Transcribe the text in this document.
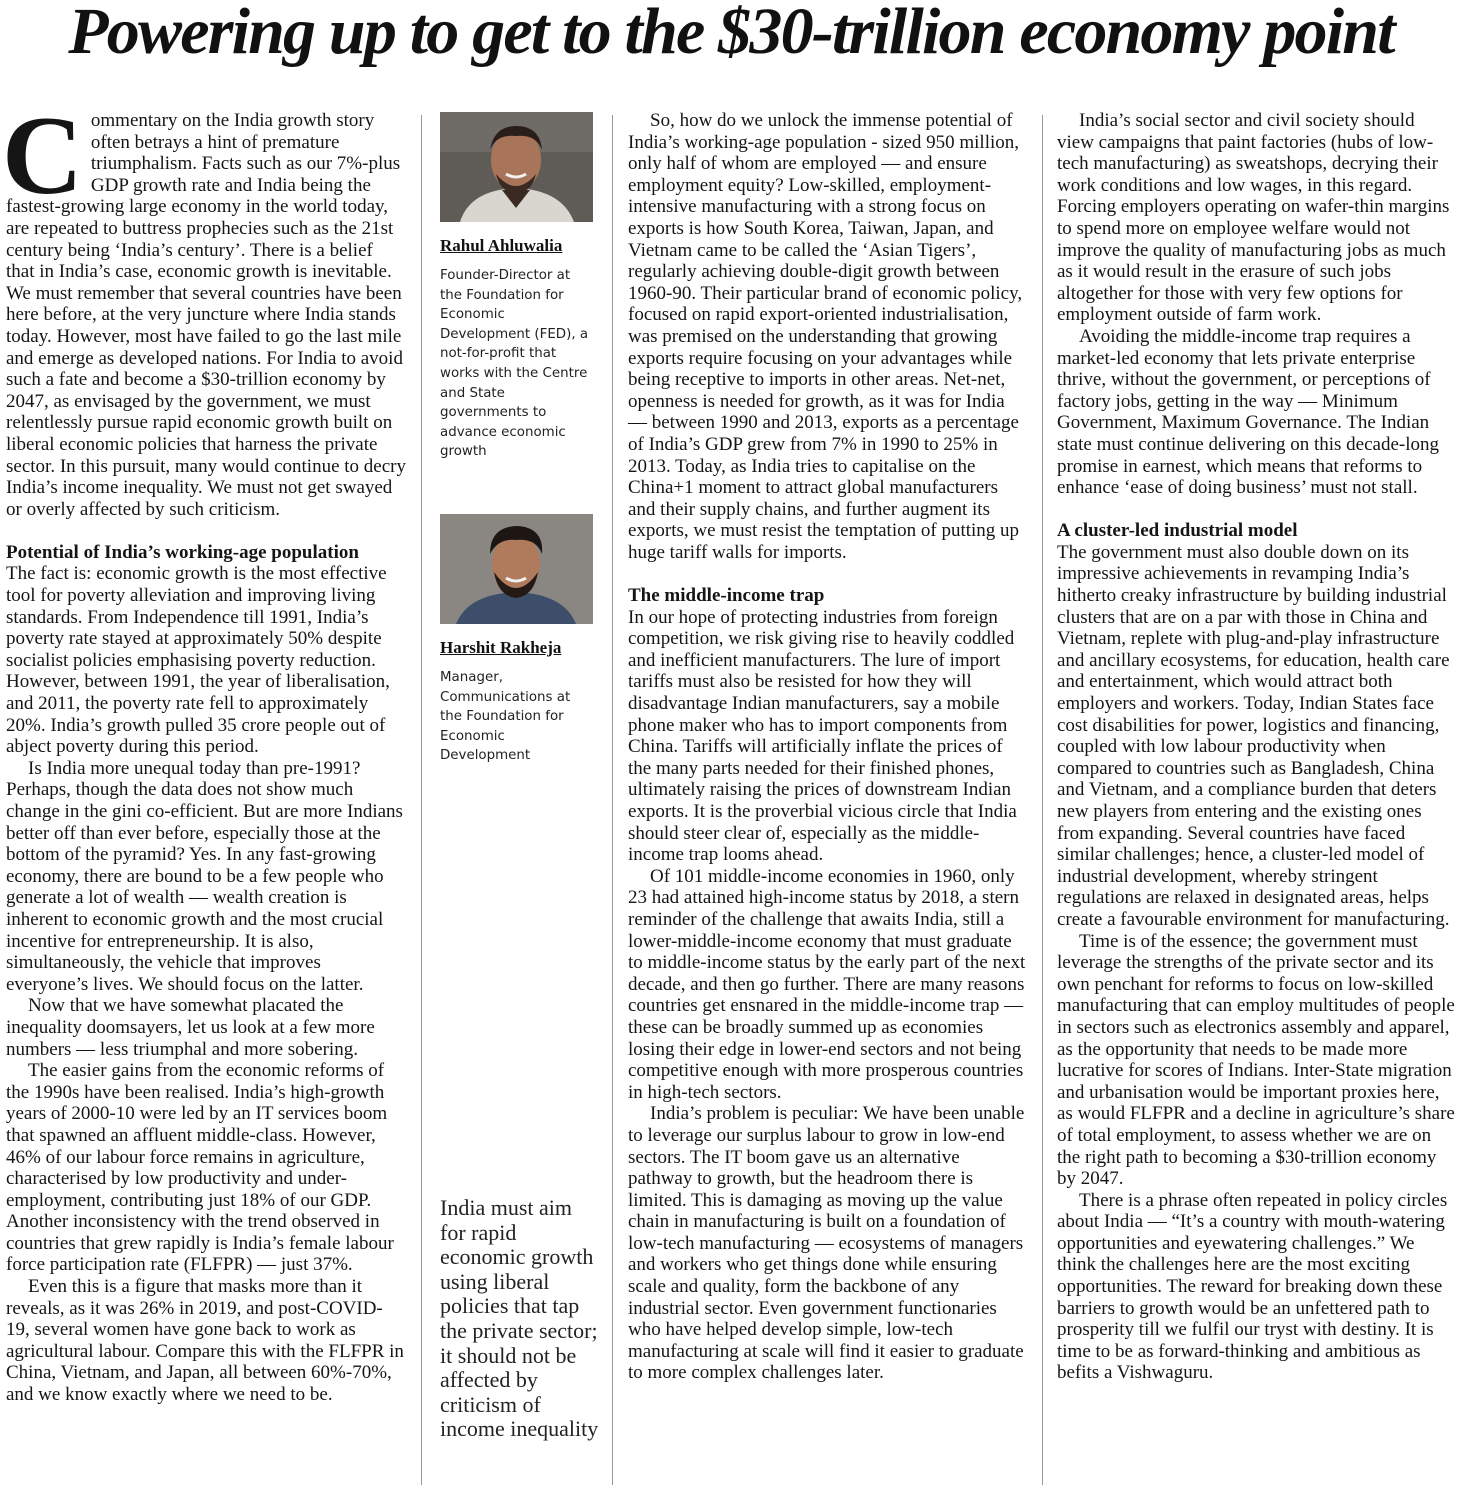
Powering up to get to the $30-trillion economy point

Commentary on the India growth story often betrays a hint of premature triumphalism. Facts such as our 7%-plus GDP growth rate and India being the fastest-growing large economy in the world today, are repeated to buttress prophecies such as the 21st century being ‘India’s century’. There is a belief that in India’s case, economic growth is inevitable. We must remember that several countries have been here before, at the very juncture where India stands today. However, most have failed to go the last mile and emerge as developed nations. For India to avoid such a fate and become a $30-trillion economy by 2047, as envisaged by the government, we must relentlessly pursue rapid economic growth built on liberal economic policies that harness the private sector. In this pursuit, many would continue to decry India’s income inequality. We must not get swayed or overly affected by such criticism.

Potential of India’s working-age population

The fact is: economic growth is the most effective tool for poverty alleviation and improving living standards. From Independence till 1991, India’s poverty rate stayed at approximately 50% despite socialist policies emphasising poverty reduction. However, between 1991, the year of liberalisation, and 2011, the poverty rate fell to approximately 20%. India’s growth pulled 35 crore people out of abject poverty during this period.

Is India more unequal today than pre-1991? Perhaps, though the data does not show much change in the gini co-efficient. But are more Indians better off than ever before, especially those at the bottom of the pyramid? Yes. In any fast-growing economy, there are bound to be a few people who generate a lot of wealth — wealth creation is inherent to economic growth and the most crucial incentive for entrepreneurship. It is also, simultaneously, the vehicle that improves everyone’s lives. We should focus on the latter.

Now that we have somewhat placated the inequality doomsayers, let us look at a few more numbers — less triumphal and more sobering.

The easier gains from the economic reforms of the 1990s have been realised. India’s high-growth years of 2000-10 were led by an IT services boom that spawned an affluent middle-class. However, 46% of our labour force remains in agriculture, characterised by low productivity and under-employment, contributing just 18% of our GDP. Another inconsistency with the trend observed in countries that grew rapidly is India’s female labour force participation rate (FLFPR) — just 37%.

Even this is a figure that masks more than it reveals, as it was 26% in 2019, and post-COVID-19, several women have gone back to work as agricultural labour. Compare this with the FLFPR in China, Vietnam, and Japan, all between 60%-70%, and we know exactly where we need to be.

Rahul Ahluwalia
Founder-Director at the Foundation for Economic Development (FED), a not-for-profit that works with the Centre and State governments to advance economic growth
Harshit Rakheja
Manager, Communications at the Foundation for Economic Development
India must aim for rapid economic growth using liberal policies that tap the private sector; it should not be affected by criticism of income inequality

So, how do we unlock the immense potential of India’s working-age population - sized 950 million, only half of whom are employed — and ensure employment equity? Low-skilled, employment-intensive manufacturing with a strong focus on exports is how South Korea, Taiwan, Japan, and Vietnam came to be called the ‘Asian Tigers’, regularly achieving double-digit growth between 1960-90. Their particular brand of economic policy, focused on rapid export-oriented industrialisation, was premised on the understanding that growing exports require focusing on your advantages while being receptive to imports in other areas. Net-net, openness is needed for growth, as it was for India — between 1990 and 2013, exports as a percentage of India’s GDP grew from 7% in 1990 to 25% in 2013. Today, as India tries to capitalise on the China+1 moment to attract global manufacturers and their supply chains, and further augment its exports, we must resist the temptation of putting up huge tariff walls for imports.

The middle-income trap

In our hope of protecting industries from foreign competition, we risk giving rise to heavily coddled and inefficient manufacturers. The lure of import tariffs must also be resisted for how they will disadvantage Indian manufacturers, say a mobile phone maker who has to import components from China. Tariffs will artificially inflate the prices of the many parts needed for their finished phones, ultimately raising the prices of downstream Indian exports. It is the proverbial vicious circle that India should steer clear of, especially as the middle-income trap looms ahead.

Of 101 middle-income economies in 1960, only 23 had attained high-income status by 2018, a stern reminder of the challenge that awaits India, still a lower-middle-income economy that must graduate to middle-income status by the early part of the next decade, and then go further. There are many reasons countries get ensnared in the middle-income trap — these can be broadly summed up as economies losing their edge in lower-end sectors and not being competitive enough with more prosperous countries in high-tech sectors.

India’s problem is peculiar: We have been unable to leverage our surplus labour to grow in low-end sectors. The IT boom gave us an alternative pathway to growth, but the headroom there is limited. This is damaging as moving up the value chain in manufacturing is built on a foundation of low-tech manufacturing — ecosystems of managers and workers who get things done while ensuring scale and quality, form the backbone of any industrial sector. Even government functionaries who have helped develop simple, low-tech manufacturing at scale will find it easier to graduate to more complex challenges later.

India’s social sector and civil society should view campaigns that paint factories (hubs of low-tech manufacturing) as sweatshops, decrying their work conditions and low wages, in this regard. Forcing employers operating on wafer-thin margins to spend more on employee welfare would not improve the quality of manufacturing jobs as much as it would result in the erasure of such jobs altogether for those with very few options for employment outside of farm work.

Avoiding the middle-income trap requires a market-led economy that lets private enterprise thrive, without the government, or perceptions of factory jobs, getting in the way — Minimum Government, Maximum Governance. The Indian state must continue delivering on this decade-long promise in earnest, which means that reforms to enhance ‘ease of doing business’ must not stall.

A cluster-led industrial model

The government must also double down on its impressive achievements in revamping India’s hitherto creaky infrastructure by building industrial clusters that are on a par with those in China and Vietnam, replete with plug-and-play infrastructure and ancillary ecosystems, for education, health care and entertainment, which would attract both employers and workers. Today, Indian States face cost disabilities for power, logistics and financing, coupled with low labour productivity when compared to countries such as Bangladesh, China and Vietnam, and a compliance burden that deters new players from entering and the existing ones from expanding. Several countries have faced similar challenges; hence, a cluster-led model of industrial development, whereby stringent regulations are relaxed in designated areas, helps create a favourable environment for manufacturing.

Time is of the essence; the government must leverage the strengths of the private sector and its own penchant for reforms to focus on low-skilled manufacturing that can employ multitudes of people in sectors such as electronics assembly and apparel, as the opportunity that needs to be made more lucrative for scores of Indians. Inter-State migration and urbanisation would be important proxies here, as would FLFPR and a decline in agriculture’s share of total employment, to assess whether we are on the right path to becoming a $30-trillion economy by 2047.

There is a phrase often repeated in policy circles about India — “It’s a country with mouth-watering opportunities and eyewatering challenges.” We think the challenges here are the most exciting opportunities. The reward for breaking down these barriers to growth would be an unfettered path to prosperity till we fulfil our tryst with destiny. It is time to be as forward-thinking and ambitious as befits a Vishwaguru.
